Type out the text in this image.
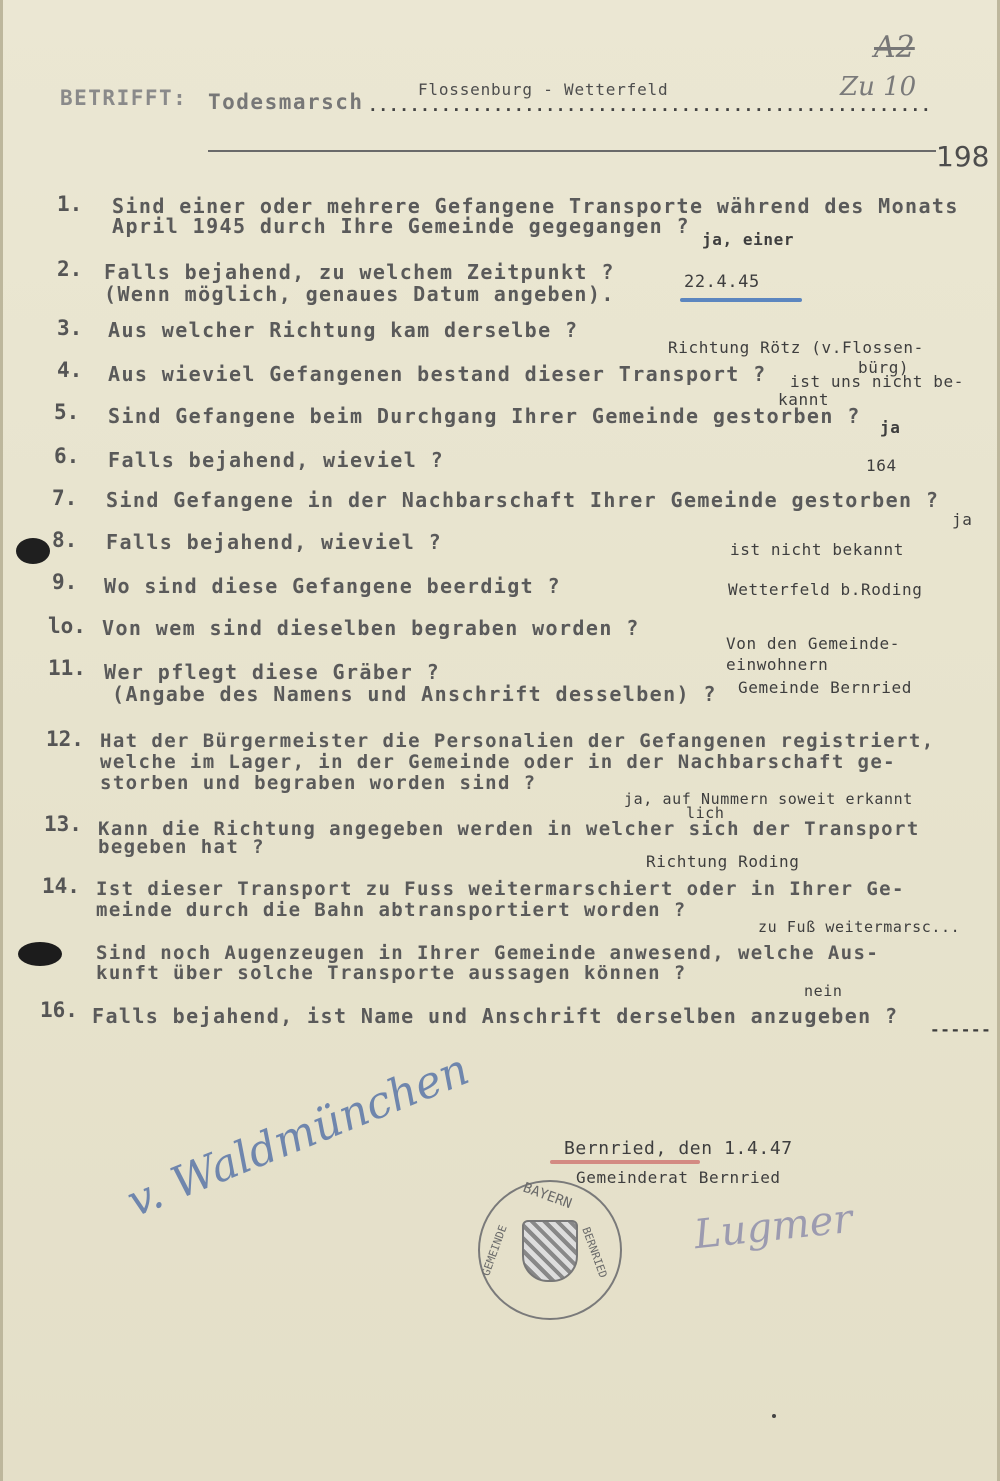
BETRIFFT: Todesmarsch ......................................................
Flossenburg - Wetterfeld
A2
Zu 10
198
1. Sind einer oder mehrere Gefangene Transporte während des Monats
April 1945 durch Ihre Gemeinde gegegangen ?
ja, einer
2. Falls bejahend, zu welchem Zeitpunkt ?
(Wenn möglich, genaues Datum angeben).	22.4.45
3. Aus welcher Richtung kam derselbe ?
Richtung Rötz (v.Flossen-
bürg)
4. Aus wieviel Gefangenen bestand dieser Transport ? ist uns nicht be-
kannt
5. Sind Gefangene beim Durchgang Ihrer Gemeinde gestorben ? ja
6. Falls bejahend, wieviel ?	164
7. Sind Gefangene in der Nachbarschaft Ihrer Gemeinde gestorben ?
ja
8. Falls bejahend, wieviel ?	ist nicht bekannt
9. Wo sind diese Gefangene beerdigt ?	Wetterfeld b.Roding
lo. Von wem sind dieselben begraben worden ?
Von den Gemeinde-
einwohnern
11. Wer pflegt diese Gräber ?
(Angabe des Namens und Anschrift desselben) ? Gemeinde Bernried
12. Hat der Bürgermeister die Personalien der Gefangenen registriert,
welche im Lager, in der Gemeinde oder in der Nachbarschaft ge-
storben und begraben worden sind ?
ja, auf Nummern soweit erkannt
lich
13. Kann die Richtung angegeben werden in welcher sich der Transport
begeben hat ?
Richtung Roding
14. Ist dieser Transport zu Fuss weitermarschiert oder in Ihrer Ge-
meinde durch die Bahn abtransportiert worden ?
zu Fuß weitermarsc...
Sind noch Augenzeugen in Ihrer Gemeinde anwesend, welche Aus-
kunft über solche Transporte aussagen können ?
nein
16. Falls bejahend, ist Name und Anschrift derselben anzugeben ?
------
Bernried, den 1.4.47
Gemeinderat Bernried
BAYERN
GEMEINDE	BERNRIED
v. Waldmünchen	Lugmer
